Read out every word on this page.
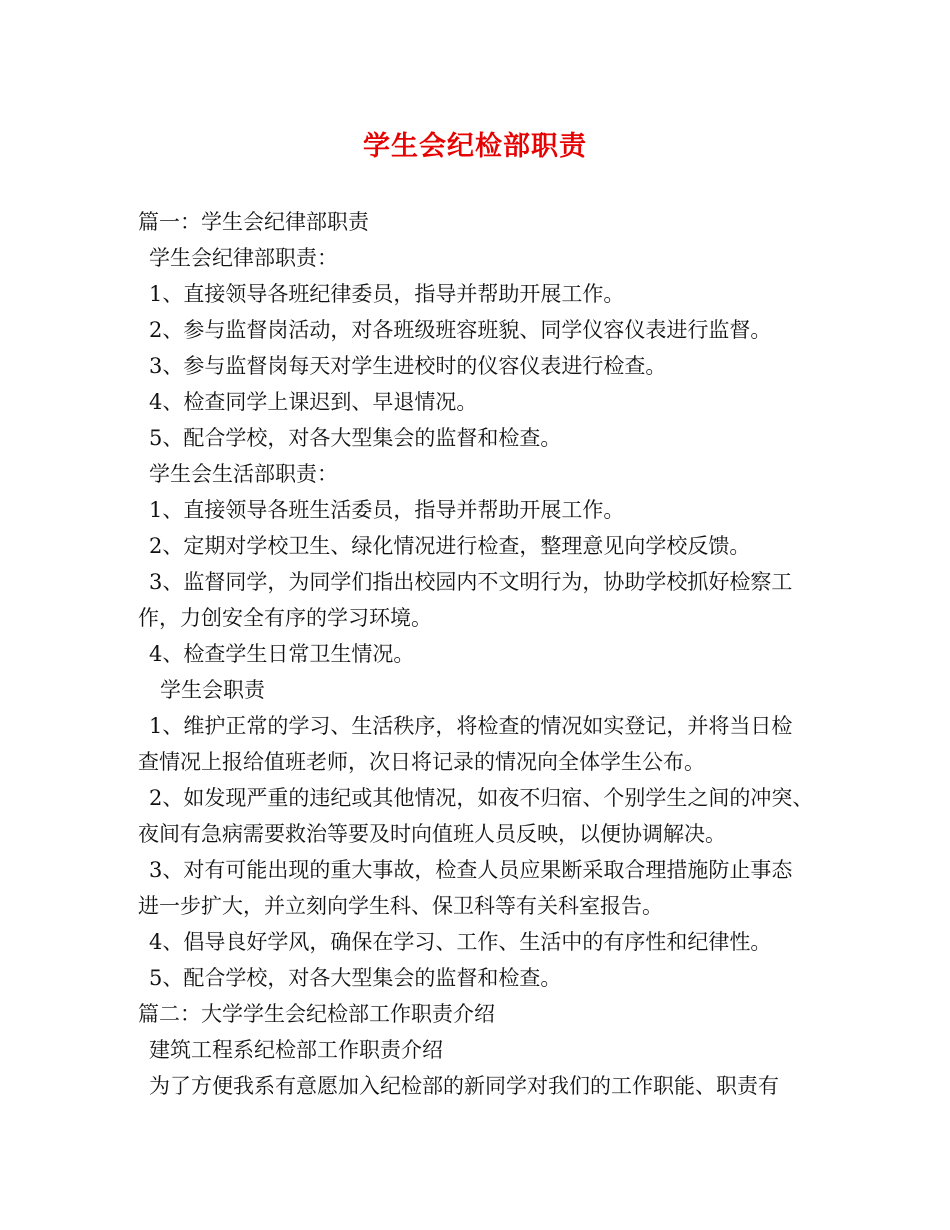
学生会纪检部职责
篇一：学生会纪律部职责
学生会纪律部职责：
1、直接领导各班纪律委员，指导并帮助开展工作。
2、参与监督岗活动，对各班级班容班貌、同学仪容仪表进行监督。
3、参与监督岗每天对学生进校时的仪容仪表进行检查。
4、检查同学上课迟到、早退情况。
5、配合学校，对各大型集会的监督和检查。
学生会生活部职责：
1、直接领导各班生活委员，指导并帮助开展工作。
2、定期对学校卫生、绿化情况进行检查，整理意见向学校反馈。
3、监督同学，为同学们指出校园内不文明行为，协助学校抓好检察工
作，力创安全有序的学习环境。
4、检查学生日常卫生情况。
学生会职责
1、维护正常的学习、生活秩序，将检查的情况如实登记，并将当日检
查情况上报给值班老师，次日将记录的情况向全体学生公布。
2、如发现严重的违纪或其他情况，如夜不归宿、个别学生之间的冲突、
夜间有急病需要救治等要及时向值班人员反映，以便协调解决。
3、对有可能出现的重大事故，检查人员应果断采取合理措施防止事态
进一步扩大，并立刻向学生科、保卫科等有关科室报告。
4、倡导良好学风，确保在学习、工作、生活中的有序性和纪律性。
5、配合学校，对各大型集会的监督和检查。
篇二：大学学生会纪检部工作职责介绍
建筑工程系纪检部工作职责介绍
为了方便我系有意愿加入纪检部的新同学对我们的工作职能、职责有
